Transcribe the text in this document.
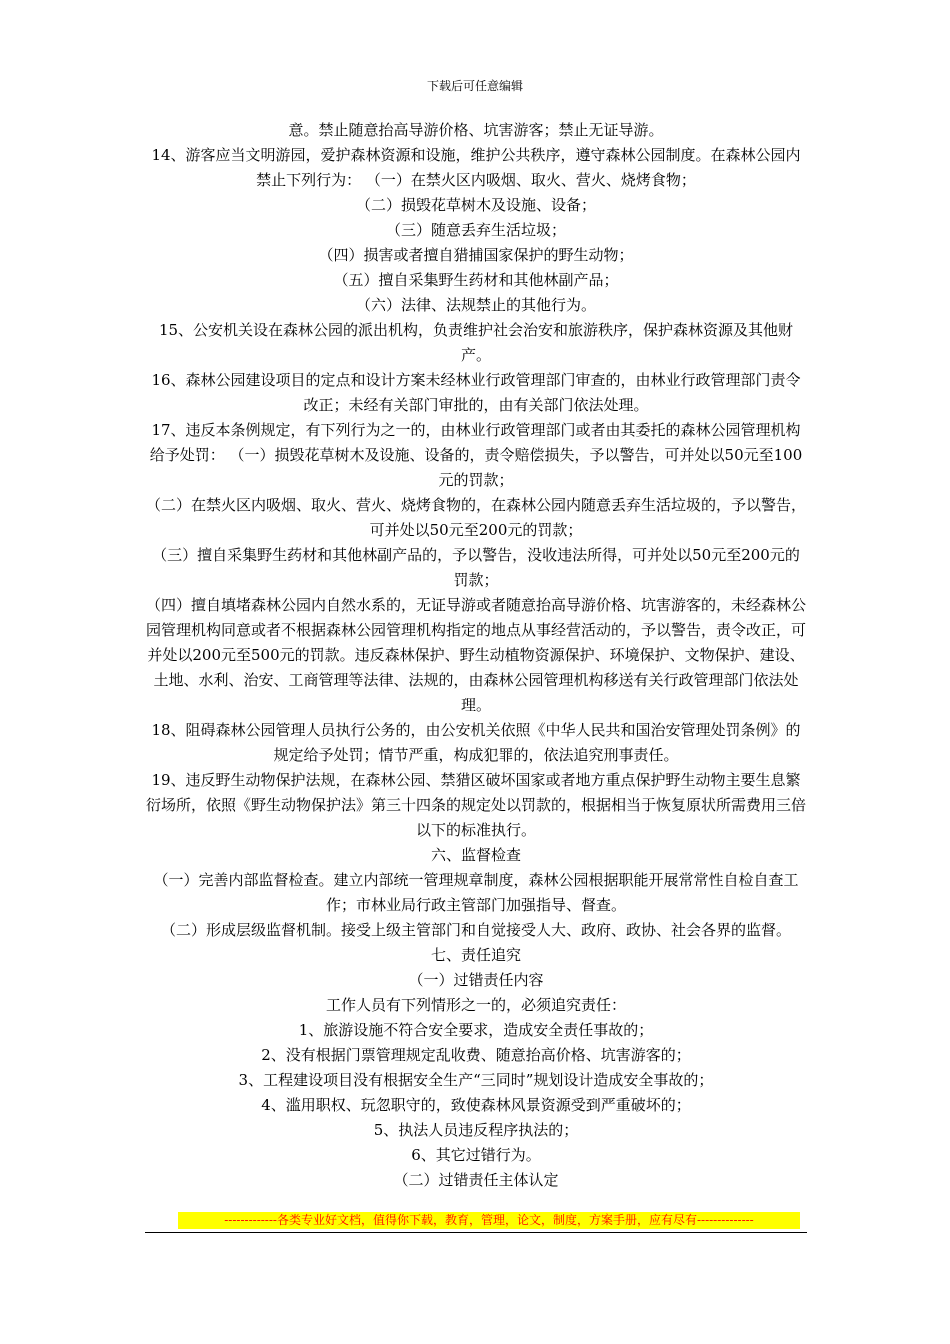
下载后可任意编辑

意。禁止随意抬高导游价格、坑害游客；禁止无证导游。

14、游客应当文明游园，爱护森林资源和设施，维护公共秩序，遵守森林公园制度。在森林公园内禁止下列行为： （一）在禁火区内吸烟、取火、营火、烧烤食物；

（二）损毁花草树木及设施、设备；

（三）随意丢弃生活垃圾；

（四）损害或者擅自猎捕国家保护的野生动物；

（五）擅自采集野生药材和其他林副产品；

（六）法律、法规禁止的其他行为。

15、公安机关设在森林公园的派出机构，负责维护社会治安和旅游秩序，保护森林资源及其他财产。

16、森林公园建设项目的定点和设计方案未经林业行政管理部门审查的，由林业行政管理部门责令改正；未经有关部门审批的，由有关部门依法处理。

17、违反本条例规定，有下列行为之一的，由林业行政管理部门或者由其委托的森林公园管理机构给予处罚： （一）损毁花草树木及设施、设备的，责令赔偿损失，予以警告，可并处以50元至100元的罚款；

（二）在禁火区内吸烟、取火、营火、烧烤食物的，在森林公园内随意丢弃生活垃圾的，予以警告，可并处以50元至200元的罚款；

（三）擅自采集野生药材和其他林副产品的，予以警告，没收违法所得，可并处以50元至200元的罚款；

（四）擅自填堵森林公园内自然水系的，无证导游或者随意抬高导游价格、坑害游客的，未经森林公园管理机构同意或者不根据森林公园管理机构指定的地点从事经营活动的，予以警告，责令改正，可并处以200元至500元的罚款。违反森林保护、野生动植物资源保护、环境保护、文物保护、建设、土地、水利、治安、工商管理等法律、法规的，由森林公园管理机构移送有关行政管理部门依法处理。

18、阻碍森林公园管理人员执行公务的，由公安机关依照《中华人民共和国治安管理处罚条例》的规定给予处罚；情节严重，构成犯罪的，依法追究刑事责任。

19、违反野生动物保护法规，在森林公园、禁猎区破坏国家或者地方重点保护野生动物主要生息繁衍场所，依照《野生动物保护法》第三十四条的规定处以罚款的，根据相当于恢复原状所需费用三倍以下的标准执行。

六、监督检查

（一）完善内部监督检查。建立内部统一管理规章制度，森林公园根据职能开展常常性自检自查工作；市林业局行政主管部门加强指导、督查。

（二）形成层级监督机制。接受上级主管部门和自觉接受人大、政府、政协、社会各界的监督。

七、责任追究

（一）过错责任内容

工作人员有下列情形之一的，必须追究责任：

1、旅游设施不符合安全要求，造成安全责任事故的；

2、没有根据门票管理规定乱收费、随意抬高价格、坑害游客的；

3、工程建设项目没有根据安全生产“三同时”规划设计造成安全事故的；

4、滥用职权、玩忽职守的，致使森林风景资源受到严重破坏的；

5、执法人员违反程序执法的；

6、其它过错行为。

（二）过错责任主体认定

-------------各类专业好文档，值得你下载，教育，管理，论文，制度，方案手册，应有尽有--------------
